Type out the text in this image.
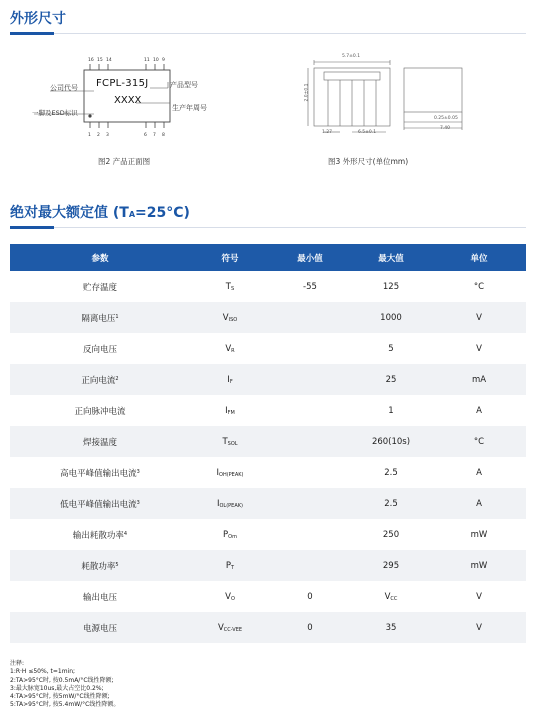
外形尺寸
16 15 14	11 10 9
1 2 3	6 7 8
FCPL-315J
XXXX
公司代号	产品型号
生产年周号
一脚及ESD标识
图2 产品正面图
5.7±0.1
1.27	6.5±0.1
0.25±0.05
7.40
2.0±0.1
图3 外形尺寸(单位mm)
绝对最大额定值 (TA=25°C)
参数	符号	最小值	最大值	单位
贮存温度	$T_S$	-55	125	°C
隔离电压$^1$	$V_{ISO}$		1000	V
反向电压	$V_R$		5	V
正向电流$^2$	$I_F$		25	mA
正向脉冲电流	$I_{FM}$		1	A
焊接温度	$T_{SOL}$		260(10s)	°C
高电平峰值输出电流$^3$	$I_{OH(PEAK)}$		2.5	A
低电平峰值输出电流$^3$	$I_{OL(PEAK)}$		2.5	A
输出耗散功率$^4$	$P_{Om}$		250	mW
耗散功率$^5$	$P_T$		295	mW
输出电压	$V_O$	0	$V_{CC}$	V
电源电压	$V_{CC-VEE}$	0	35	V
注释:
1:R·H ≤50%, t=1min;
2:TA>95°C时, 按0.5mA/°C线性降额;
3:最大脉宽10us,最大占空比0.2%;
4:TA>95°C时, 按5mW/°C线性降额;
5:TA>95°C时, 按5.4mW/°C线性降额。
